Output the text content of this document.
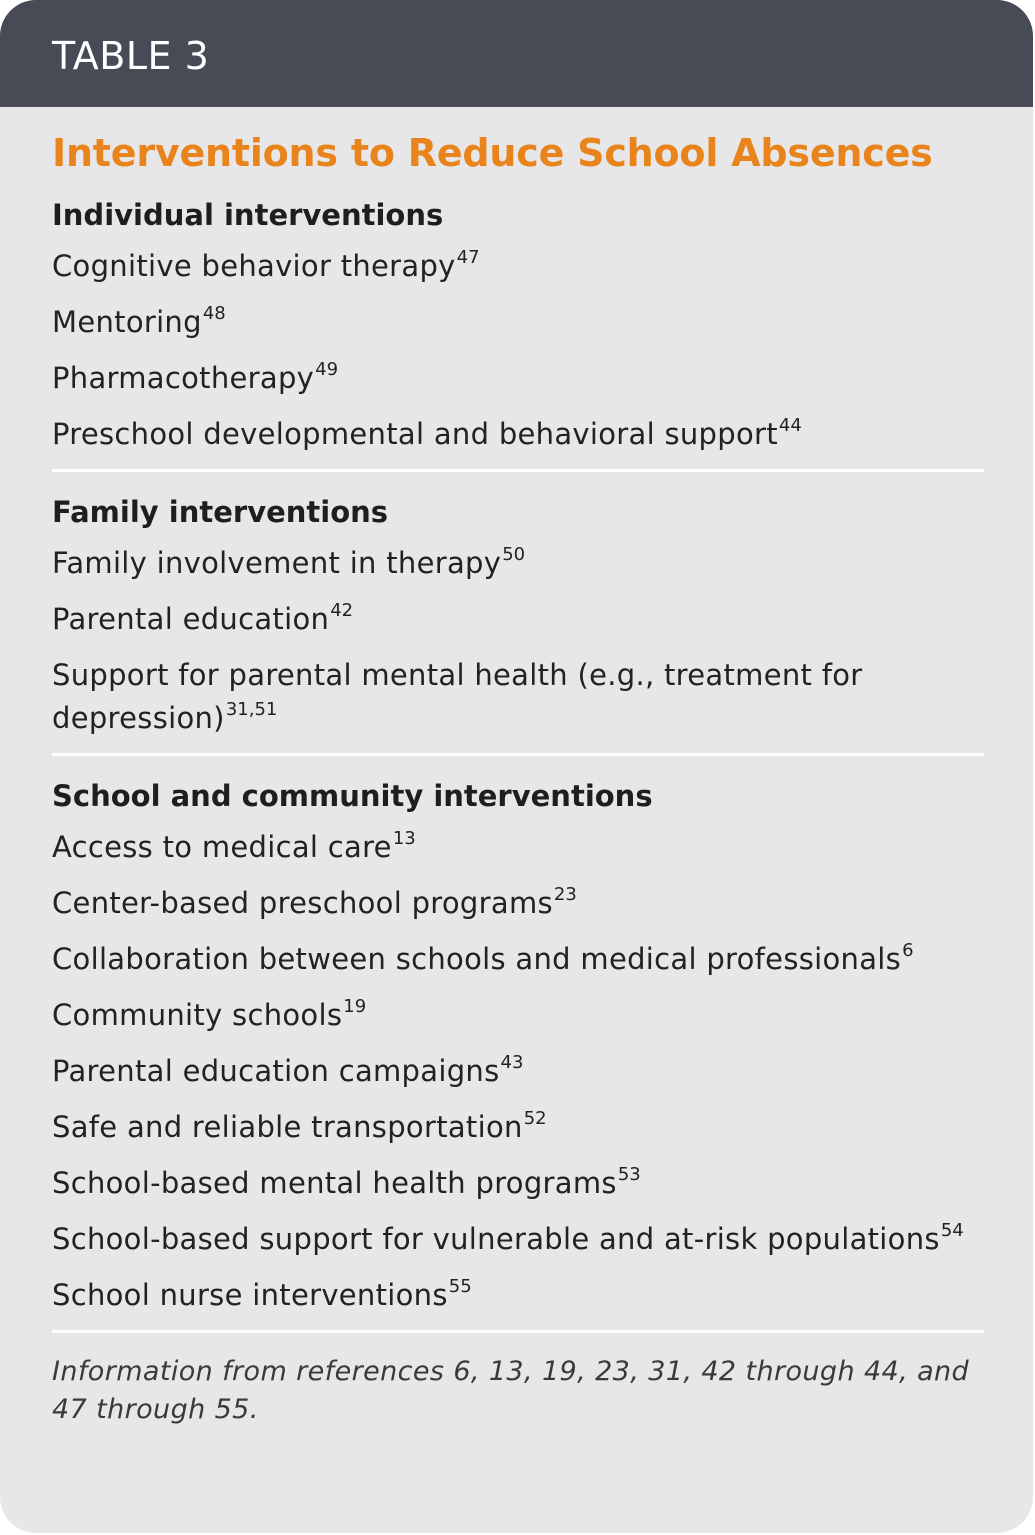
TABLE 3
Interventions to Reduce School Absences
Individual interventions
Cognitive behavior therapy$^{47}$
Mentoring$^{48}$
Pharmacotherapy$^{49}$
Preschool developmental and behavioral support$^{44}$
Family interventions
Family involvement in therapy$^{50}$
Parental education$^{42}$
Support for parental mental health (e.g., treatment for depression)$^{31,51}$
School and community interventions
Access to medical care$^{13}$
Center-based preschool programs$^{23}$
Collaboration between schools and medical professionals$^6$
Community schools$^{19}$
Parental education campaigns$^{43}$
Safe and reliable transportation$^{52}$
School-based mental health programs$^{53}$
School-based support for vulnerable and at-risk populations$^{54}$
School nurse interventions$^{55}$
Information from references 6, 13, 19, 23, 31, 42 through 44, and 47 through 55.
